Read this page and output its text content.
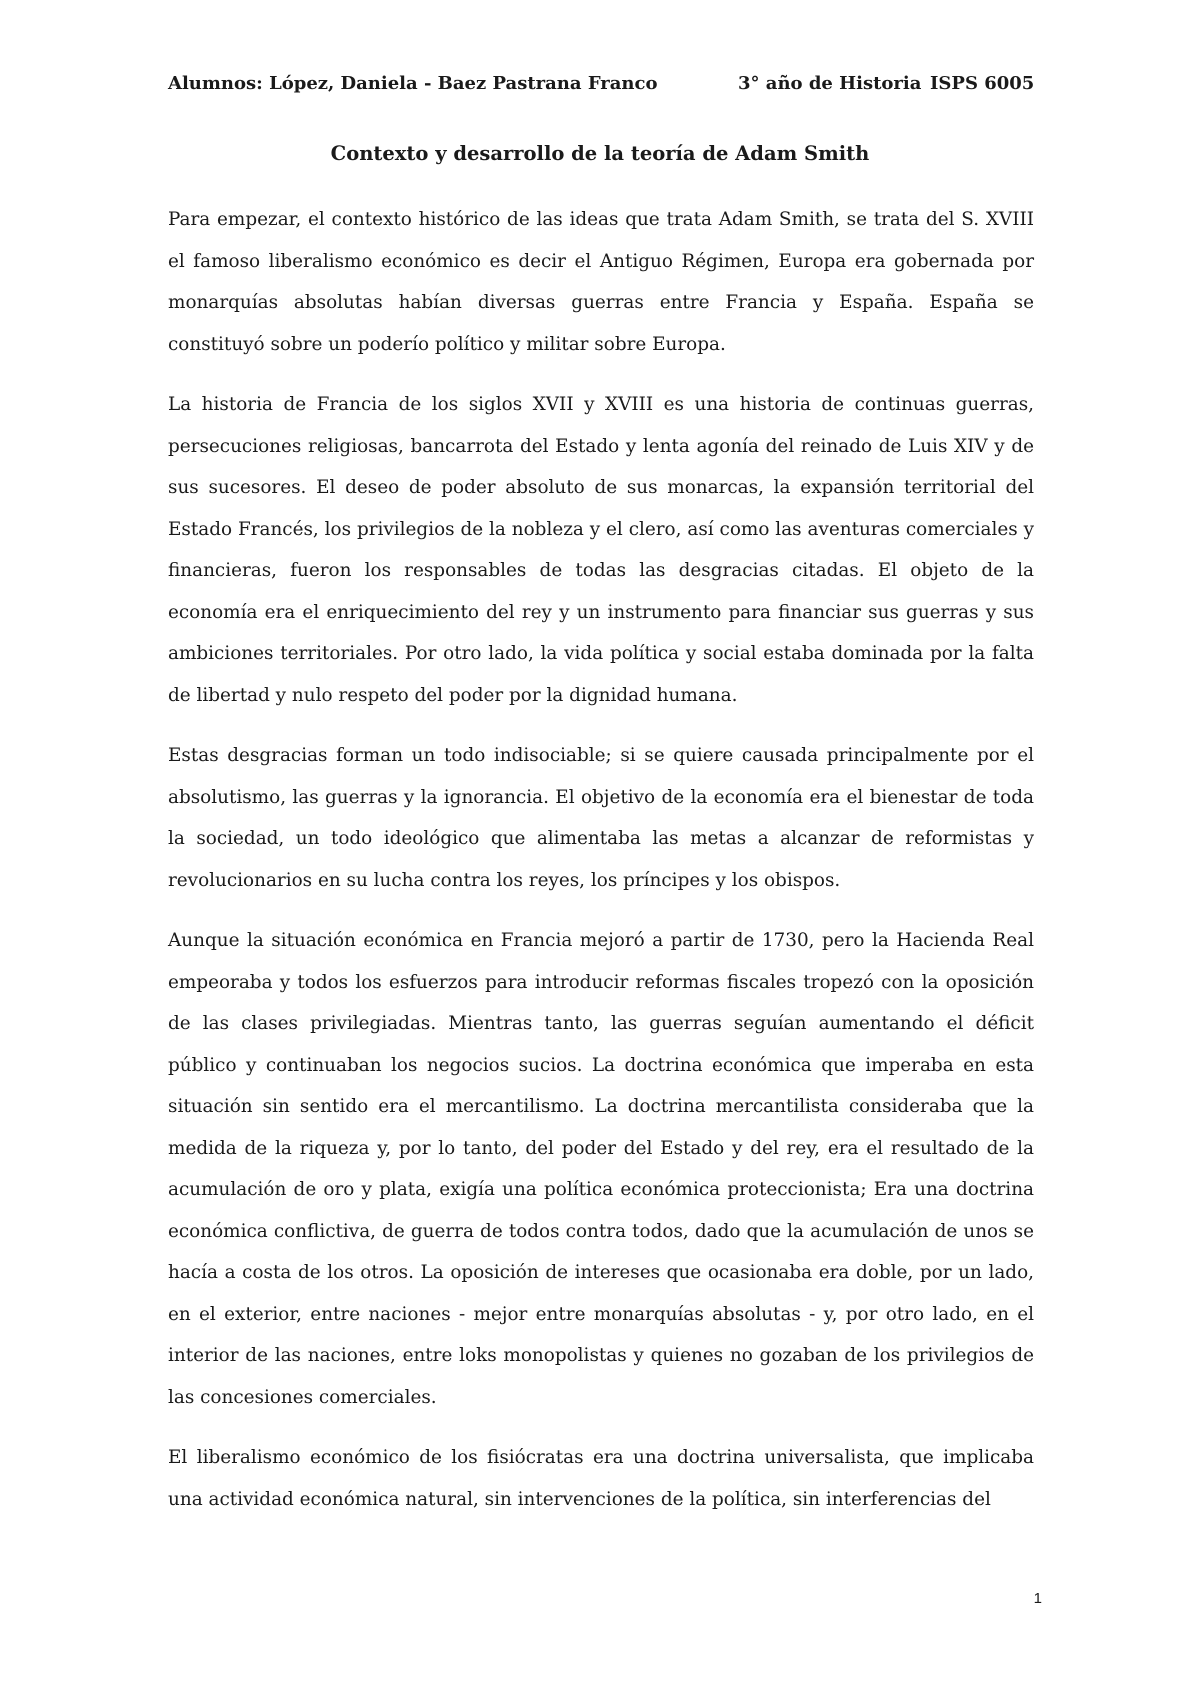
Alumnos: López, Daniela - Baez Pastrana Franco	3° año de Historia ISPS 6005
Contexto y desarrollo de la teoría de Adam Smith

Para empezar, el contexto histórico de las ideas que trata Adam Smith, se trata del S. XVIII el famoso liberalismo económico es decir el Antiguo Régimen, Europa era gobernada por monarquías absolutas habían diversas guerras entre Francia y España. España se constituyó sobre un poderío político y militar sobre Europa.

La historia de Francia de los siglos XVII y XVIII es una historia de continuas guerras, persecuciones religiosas, bancarrota del Estado y lenta agonía del reinado de Luis XIV y de sus sucesores. El deseo de poder absoluto de sus monarcas, la expansión territorial del Estado Francés, los privilegios de la nobleza y el clero, así como las aventuras comerciales y financieras, fueron los responsables de todas las desgracias citadas. El objeto de la economía era el enriquecimiento del rey y un instrumento para financiar sus guerras y sus ambiciones territoriales. Por otro lado, la vida política y social estaba dominada por la falta de libertad y nulo respeto del poder por la dignidad humana.

Estas desgracias forman un todo indisociable; si se quiere causada principalmente por el absolutismo, las guerras y la ignorancia. El objetivo de la economía era el bienestar de toda la sociedad, un todo ideológico que alimentaba las metas a alcanzar de reformistas y revolucionarios en su lucha contra los reyes, los príncipes y los obispos.

Aunque la situación económica en Francia mejoró a partir de 1730, pero la Hacienda Real empeoraba y todos los esfuerzos para introducir reformas fiscales tropezó con la oposición de las clases privilegiadas. Mientras tanto, las guerras seguían aumentando el déficit público y continuaban los negocios sucios. La doctrina económica que imperaba en esta situación sin sentido era el mercantilismo. La doctrina mercantilista consideraba que la medida de la riqueza y, por lo tanto, del poder del Estado y del rey, era el resultado de la acumulación de oro y plata, exigía una política económica proteccionista; Era una doctrina económica conflictiva, de guerra de todos contra todos, dado que la acumulación de unos se hacía a costa de los otros. La oposición de intereses que ocasionaba era doble, por un lado, en el exterior, entre naciones - mejor entre monarquías absolutas - y, por otro lado, en el interior de las naciones, entre loks monopolistas y quienes no gozaban de los privilegios de las concesiones comerciales.

El liberalismo económico de los fisiócratas era una doctrina universalista, que implicaba una actividad económica natural, sin intervenciones de la política, sin interferencias del

1
